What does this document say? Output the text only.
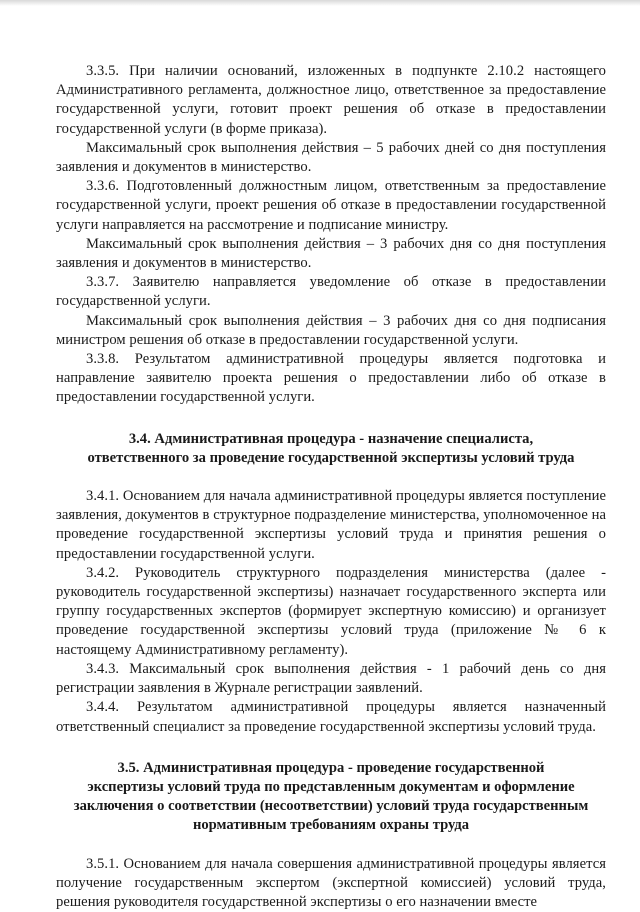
3.3.5. При наличии оснований, изложенных в подпункте 2.10.2 настоящего Административного регламента, должностное лицо, ответственное за предоставление государственной услуги, готовит проект решения об отказе в предоставлении государственной услуги (в форме приказа).

Максимальный срок выполнения действия – 5 рабочих дней со дня поступления заявления и документов в министерство.

3.3.6. Подготовленный должностным лицом, ответственным за предоставление государственной услуги, проект решения об отказе в предоставлении государственной услуги направляется на рассмотрение и подписание министру.

Максимальный срок выполнения действия – 3 рабочих дня со дня поступления заявления и документов в министерство.

3.3.7. Заявителю направляется уведомление об отказе в предоставлении государственной услуги.

Максимальный срок выполнения действия – 3 рабочих дня со дня подписания министром решения об отказе в предоставлении государственной услуги.

3.3.8. Результатом административной процедуры является подготовка и направление заявителю проекта решения о предоставлении либо об отказе в предоставлении государственной услуги.

3.4. Административная процедура - назначение специалиста,
ответственного за проведение государственной экспертизы условий труда

3.4.1. Основанием для начала административной процедуры является поступление заявления, документов в структурное подразделение министерства, уполномоченное на проведение государственной экспертизы условий труда и принятия решения о предоставлении государственной услуги.

3.4.2. Руководитель структурного подразделения министерства (далее - руководитель государственной экспертизы) назначает государственного эксперта или группу государственных экспертов (формирует экспертную комиссию) и организует проведение государственной экспертизы условий труда (приложение № 6 к настоящему Административному регламенту).

3.4.3. Максимальный срок выполнения действия - 1 рабочий день со дня регистрации заявления в Журнале регистрации заявлений.

3.4.4. Результатом административной процедуры является назначенный ответственный специалист за проведение государственной экспертизы условий труда.

3.5. Административная процедура - проведение государственной
экспертизы условий труда по представленным документам и оформление
заключения о соответствии (несоответствии) условий труда государственным
нормативным требованиям охраны труда

3.5.1. Основанием для начала совершения административной процедуры является получение государственным экспертом (экспертной комиссией) условий труда, решения руководителя государственной экспертизы о его назначении вместе
